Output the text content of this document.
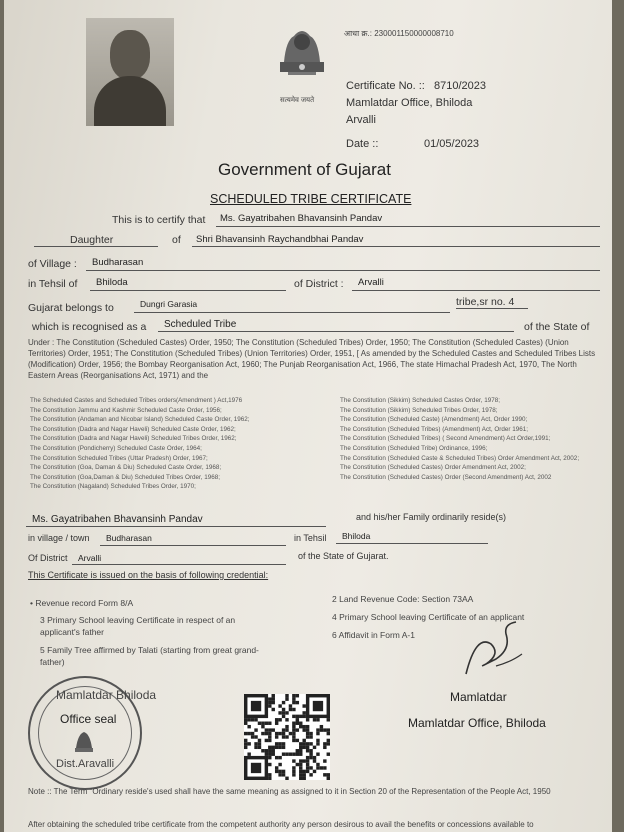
सत्यमेव जयते
आधा क्र.: 230001150000008710
Certificate No. :: 8710/2023
Mamlatdar Office, Bhiloda
Arvalli
Date ::	01/05/2023
Government of Gujarat
SCHEDULED TRIBE CERTIFICATE
This is to certify that Ms. Gayatribahen Bhavansinh Pandav
Daughter	of Shri Bhavansinh Raychandbhai Pandav
of Village : Budharasan
in Tehsil of Bhiloda	of District : Arvalli
Gujarat belongs to	Dungri Garasia	tribe,sr no. 4
which is recognised as a Scheduled Tribe	of the State of
Under : The Constitution (Scheduled Castes) Order, 1950; The Constitution (Scheduled Tribes) Order, 1950; The Constitution (Scheduled Castes) (Union Territories) Order, 1951; The Constitution (Scheduled Tribes) (Union Territories) Order, 1951, [ As amended by the Scheduled Castes and Scheduled Tribes Lists (Modification) Order, 1956; the Bombay Reorganisation Act, 1960; The Punjab Reorganisation Act, 1966, The state Himachal Pradesh Act, 1970, The North Eastern Areas (Reorganisations Act, 1971) and the
The Scheduled Castes and Scheduled Tribes orders(Amendment ) Act,1976
The Constitution Jammu and Kashmir Scheduled Caste Order, 1956;
The Constitution (Andaman and Nicobar Island) Scheduled Caste Order, 1962;
The Constitution (Dadra and Nagar Haveli) Scheduled Caste Order, 1962;
The Constitution (Dadra and Nagar Haveli) Scheduled Tribes Order, 1962;
The Constitution (Pondicherry) Scheduled Caste Order, 1964;
The Constitution Scheduled Tribes (Uttar Pradesh) Order, 1967;
The Constitution (Goa, Daman & Diu) Scheduled Caste Order, 1968;
The Constitution (Goa,Daman & Diu) Scheduled Tribes Order, 1968;
The Constitution (Nagaland) Scheduled Tribes Order, 1970;
The Constitution (Sikkim) Scheduled Castes Order, 1978;
The Constitution (Sikkim) Scheduled Tribes Order, 1978;
The Constitution (Scheduled Caste) (Amendment) Act, Order 1990;
The Constitution (Scheduled Tribes) (Amendment) Act, Order 1961;
The Constitution (Scheduled Tribes) ( Second Amendment) Act Order,1991;
The Constitution (Scheduled Tribe) Ordinance, 1996;
The Constitution (Scheduled Caste & Scheduled Tribes) Order Amendment Act, 2002;
The Constitution (Scheduled Castes) Order Amendment Act, 2002;
The Constitution (Scheduled Castes) Order (Second Amendment) Act, 2002
Ms. Gayatribahen Bhavansinh Pandav	and his/her Family ordinarily reside(s)
in village / town Budharasan	in Tehsil Bhiloda
Of District Arvalli	of the State of Gujarat.
This Certificate is issued on the basis of following credential:
• Revenue record Form 8/A	2 Land Revenue Code: Section 73AA
3 Primary School leaving Certificate in respect of an applicant's father
4 Primary School leaving Certificate of an applicant
5 Family Tree affirmed by Talati (starting from great grand-father)
6 Affidavit in Form A-1
Mamlatdar Bhiloda
Office seal
Dist.Aravalli
Mamlatdar
Mamlatdar Office, Bhiloda
Note :: The Term "Ordinary reside's used shall have the same meaning as assigned to it in Section 20 of the Representation of the People Act, 1950
After obtaining the scheduled tribe certificate from the competent authority any person desirous to avail the benefits or concessions available to
